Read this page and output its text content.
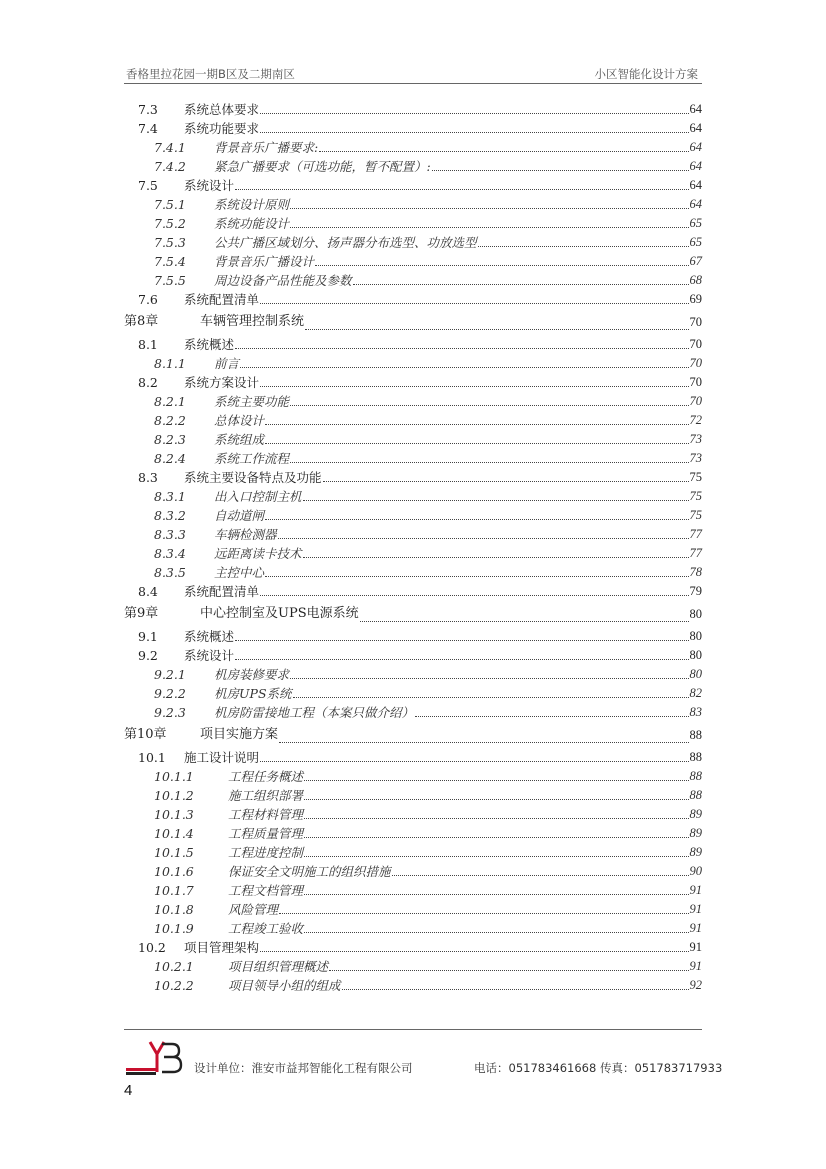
香格里拉花园一期B区及二期南区	小区智能化设计方案
7.3	系统总体要求	64
7.4	系统功能要求	64
7.4.1	背景音乐广播要求:	64
7.4.2	紧急广播要求（可选功能，暂不配置）:	64
7.5	系统设计	64
7.5.1	系统设计原则	64
7.5.2	系统功能设计	65
7.5.3	公共广播区域划分、扬声器分布选型、功放选型	65
7.5.4	背景音乐广播设计	67
7.5.5	周边设备产品性能及参数	68
7.6	系统配置清单	69
第8章	车辆管理控制系统	70
8.1	系统概述	70
8.1.1	前言	70
8.2	系统方案设计	70
8.2.1	系统主要功能	70
8.2.2	总体设计	72
8.2.3	系统组成	73
8.2.4	系统工作流程	73
8.3	系统主要设备特点及功能	75
8.3.1	出入口控制主机	75
8.3.2	自动道闸	75
8.3.3	车辆检测器	77
8.3.4	远距离读卡技术	77
8.3.5	主控中心	78
8.4	系统配置清单	79
第9章	中心控制室及UPS电源系统	80
9.1	系统概述	80
9.2	系统设计	80
9.2.1	机房装修要求	80
9.2.2	机房UPS系统	82
9.2.3	机房防雷接地工程（本案只做介绍）	83
第10章	项目实施方案	88
10.1	施工设计说明	88
10.1.1	工程任务概述	88
10.1.2	施工组织部署	88
10.1.3	工程材料管理	89
10.1.4	工程质量管理	89
10.1.5	工程进度控制	89
10.1.6	保证安全文明施工的组织措施	90
10.1.7	工程文档管理	91
10.1.8	风险管理	91
10.1.9	工程竣工验收	91
10.2	项目管理架构	91
10.2.1	项目组织管理概述	91
10.2.2	项目领导小组的组成	92
设计单位：淮安市益邦智能化工程有限公司	电话：051783461668 传真：051783717933
4
